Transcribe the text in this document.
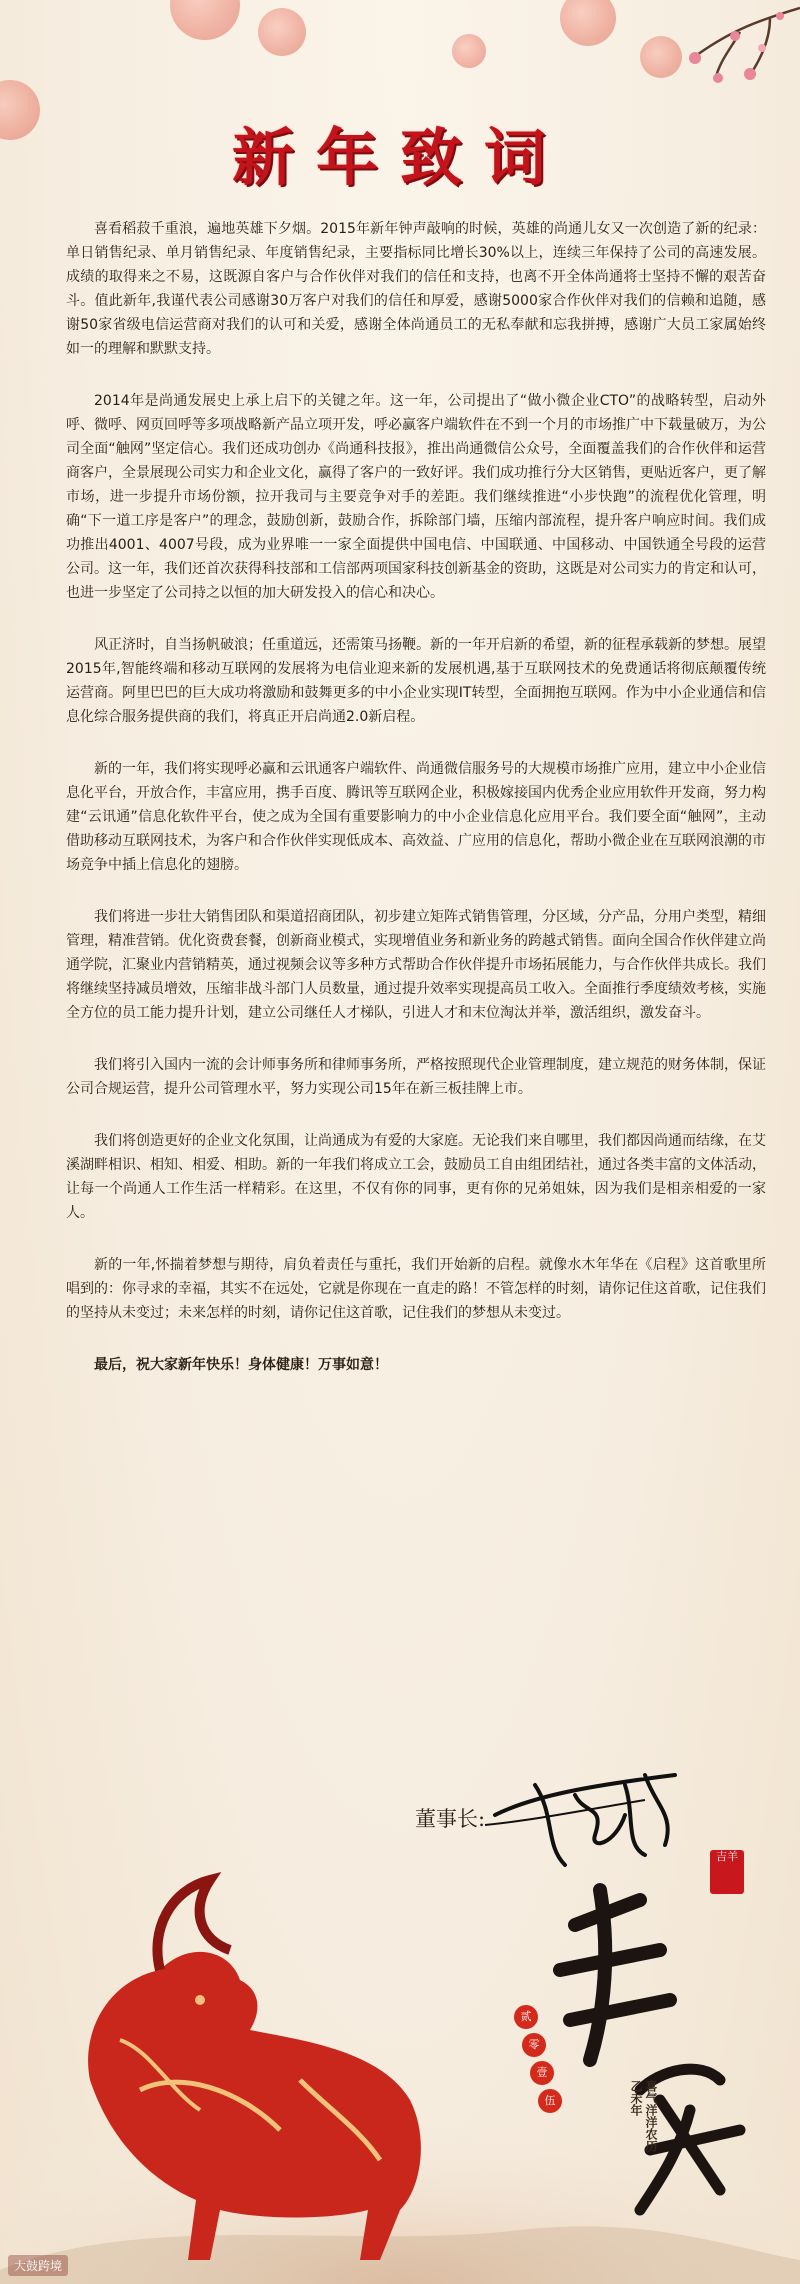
新年致词

喜看稻菽千重浪，遍地英雄下夕烟。2015年新年钟声敲响的时候，英雄的尚通儿女又一次创造了新的纪录：单日销售纪录、单月销售纪录、年度销售纪录，主要指标同比增长30%以上，连续三年保持了公司的高速发展。成绩的取得来之不易，这既源自客户与合作伙伴对我们的信任和支持，也离不开全体尚通将士坚持不懈的艰苦奋斗。值此新年,我谨代表公司感谢30万客户对我们的信任和厚爱，感谢5000家合作伙伴对我们的信赖和追随，感谢50家省级电信运营商对我们的认可和关爱，感谢全体尚通员工的无私奉献和忘我拼搏，感谢广大员工家属始终如一的理解和默默支持。

2014年是尚通发展史上承上启下的关键之年。这一年，公司提出了“做小微企业CTO”的战略转型，启动外呼、微呼、网页回呼等多项战略新产品立项开发，呼必赢客户端软件在不到一个月的市场推广中下载量破万，为公司全面“触网”坚定信心。我们还成功创办《尚通科技报》，推出尚通微信公众号，全面覆盖我们的合作伙伴和运营商客户，全景展现公司实力和企业文化，赢得了客户的一致好评。我们成功推行分大区销售，更贴近客户，更了解市场，进一步提升市场份额，拉开我司与主要竞争对手的差距。我们继续推进“小步快跑”的流程优化管理，明确“下一道工序是客户”的理念，鼓励创新，鼓励合作，拆除部门墙，压缩内部流程，提升客户响应时间。我们成功推出4001、4007号段，成为业界唯一一家全面提供中国电信、中国联通、中国移动、中国铁通全号段的运营公司。这一年，我们还首次获得科技部和工信部两项国家科技创新基金的资助，这既是对公司实力的肯定和认可，也进一步坚定了公司持之以恒的加大研发投入的信心和决心。

风正济时，自当扬帆破浪；任重道远，还需策马扬鞭。新的一年开启新的希望，新的征程承载新的梦想。展望2015年,智能终端和移动互联网的发展将为电信业迎来新的发展机遇,基于互联网技术的免费通话将彻底颠覆传统运营商。阿里巴巴的巨大成功将激励和鼓舞更多的中小企业实现IT转型，全面拥抱互联网。作为中小企业通信和信息化综合服务提供商的我们，将真正开启尚通2.0新启程。

新的一年，我们将实现呼必赢和云讯通客户端软件、尚通微信服务号的大规模市场推广应用，建立中小企业信息化平台，开放合作，丰富应用，携手百度、腾讯等互联网企业，积极嫁接国内优秀企业应用软件开发商，努力构建“云讯通”信息化软件平台，使之成为全国有重要影响力的中小企业信息化应用平台。我们要全面“触网”，主动借助移动互联网技术，为客户和合作伙伴实现低成本、高效益、广应用的信息化，帮助小微企业在互联网浪潮的市场竞争中插上信息化的翅膀。

我们将进一步壮大销售团队和渠道招商团队，初步建立矩阵式销售管理，分区域，分产品，分用户类型，精细管理，精准营销。优化资费套餐，创新商业模式，实现增值业务和新业务的跨越式销售。面向全国合作伙伴建立尚通学院，汇聚业内营销精英，通过视频会议等多种方式帮助合作伙伴提升市场拓展能力，与合作伙伴共成长。我们将继续坚持减员增效，压缩非战斗部门人员数量，通过提升效率实现提高员工收入。全面推行季度绩效考核，实施全方位的员工能力提升计划，建立公司继任人才梯队，引进人才和末位淘汰并举，激活组织，激发奋斗。

我们将引入国内一流的会计师事务所和律师事务所，严格按照现代企业管理制度，建立规范的财务体制，保证公司合规运营，提升公司管理水平，努力实现公司15年在新三板挂牌上市。

我们将创造更好的企业文化氛围，让尚通成为有爱的大家庭。无论我们来自哪里，我们都因尚通而结缘，在艾溪湖畔相识、相知、相爱、相助。新的一年我们将成立工会，鼓励员工自由组团结社，通过各类丰富的文体活动，让每一个尚通人工作生活一样精彩。在这里，不仅有你的同事，更有你的兄弟姐妹，因为我们是相亲相爱的一家人。

新的一年,怀揣着梦想与期待，肩负着责任与重托，我们开始新的启程。就像水木年华在《启程》这首歌里所唱到的：你寻求的幸福，其实不在远处，它就是你现在一直走的路！不管怎样的时刻，请你记住这首歌，记住我们的坚持从未变过；未来怎样的时刻，请你记住这首歌，记住我们的梦想从未变过。

最后，祝大家新年快乐！身体健康！万事如意！

董事长:
吉羊
贰
零
壹
伍	喜气洋洋农历乙未年
大鼓跨境
